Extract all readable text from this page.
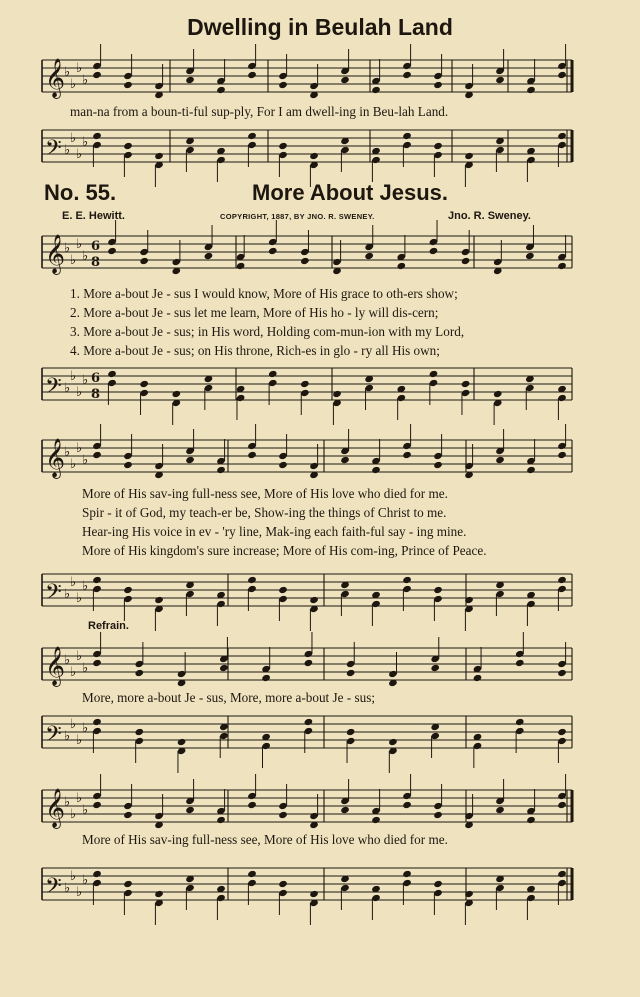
𝄞
♭
♭
♭
♭
𝄢 ♭
♭
♭
♭
𝄞
♭
♭
♭
♭
6
8
𝄢 ♭
♭
♭
♭ 6
8
𝄞
♭
♭
♭
♭
𝄢 ♭
♭
♭
♭
𝄞
♭
♭
♭
♭
𝄢 ♭
♭
♭
♭
𝄞
♭
♭
♭
♭
𝄢 ♭
♭
♭
♭
Dwelling in Beulah Land
man-na from a boun-ti-ful sup-ply, For I am dwell-ing in Beu-lah Land.
No. 55.	More About Jesus.
E. E. Hewitt.	COPYRIGHT, 1887, BY JNO. R. SWENEY.	Jno. R. Sweney.
1. More a-bout Je - sus I would know, More of His grace to oth-ers show;
2. More a-bout Je - sus let me learn, More of His ho - ly will dis-cern;
3. More a-bout Je - sus; in His word, Holding com-mun-ion with my Lord,
4. More a-bout Je - sus; on His throne, Rich-es in glo - ry all His own;
More of His sav-ing full-ness see, More of His love who died for me.
Spir - it of God, my teach-er be, Show-ing the things of Christ to me.
Hear-ing His voice in ev - 'ry line, Mak-ing each faith-ful say - ing mine.
More of His kingdom's sure increase; More of His com-ing, Prince of Peace.
Refrain.
More, more a-bout Je - sus, More, more a-bout Je - sus;
More of His sav-ing full-ness see, More of His love who died for me.
